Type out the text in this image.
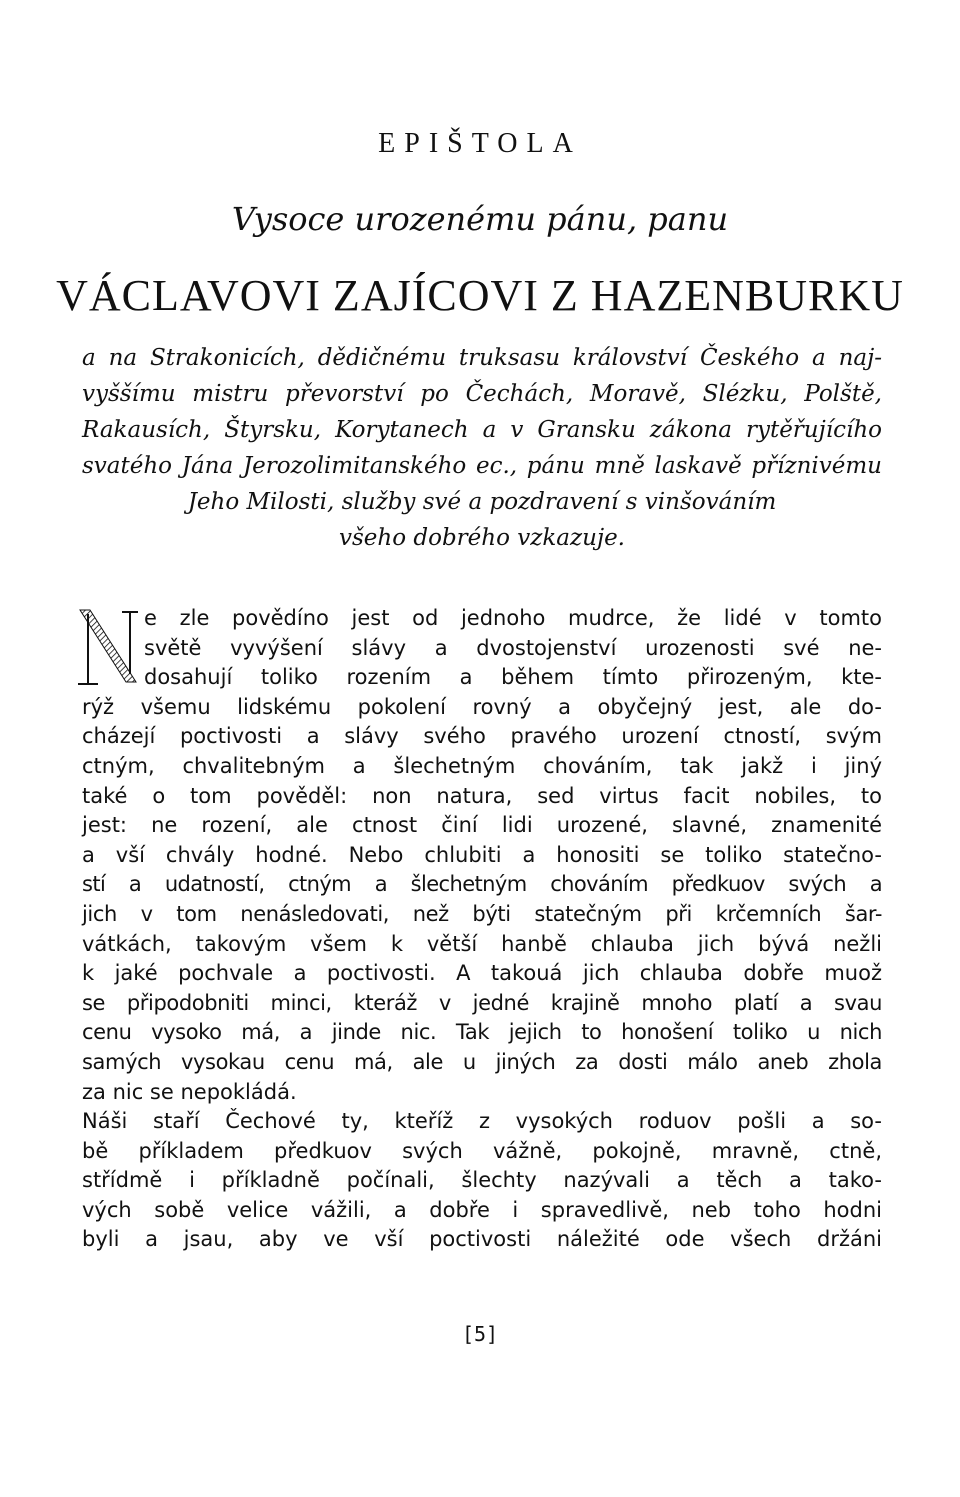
EPIŠTOLA
Vysoce urozenému pánu, panu
VÁCLAVOVI ZAJÍCOVI Z HAZENBURKU
a na Strakonicích, dědičnému truksasu království Českého a naj-
vyššímu mistru převorství po Čechách, Moravě, Slézku, Polště,
Rakausích, Štyrsku, Korytanech a v Gransku zákona rytěřujícího
svatého Jána Jerozolimitanského ec., pánu mně laskavě příznivému
Jeho Milosti, služby své a pozdravení s vinšováním
všeho dobrého vzkazuje.
e zle povědíno jest od jednoho mudrce, že lidé v tomto
světě vyvýšení slávy a dvostojenství urozenosti své ne-
dosahují toliko rozením a během tímto přirozeným, kte-
rýž všemu lidskému pokolení rovný a obyčejný jest, ale do-
cházejí poctivosti a slávy svého pravého urození ctností, svým
ctným, chvalitebným a šlechetným chováním, tak jakž i jiný
také o tom pověděl: non natura, sed virtus facit nobiles, to
jest: ne rození, ale ctnost činí lidi urozené, slavné, znamenité
a vší chvály hodné. Nebo chlubiti a honositi se toliko statečno-
stí a udatností, ctným a šlechetným chováním předkuov svých a
jich v tom nenásledovati, než býti statečným při krčemních šar-
vátkách, takovým všem k větší hanbě chlauba jich bývá nežli
k jaké pochvale a poctivosti. A takouá jich chlauba dobře muož
se připodobniti minci, kteráž v jedné krajině mnoho platí a svau
cenu vysoko má, a jinde nic. Tak jejich to honošení toliko u nich
samých vysokau cenu má, ale u jiných za dosti málo aneb zhola
za nic se nepokládá.
Náši staří Čechové ty, kteříž z vysokých roduov pošli a so-
bě příkladem předkuov svých vážně, pokojně, mravně, ctně,
střídmě i příkladně počínali, šlechty nazývali a těch a tako-
vých sobě velice vážili, a dobře i spravedlivě, neb toho hodni
byli a jsau, aby ve vší poctivosti náležité ode všech držáni
[5]
